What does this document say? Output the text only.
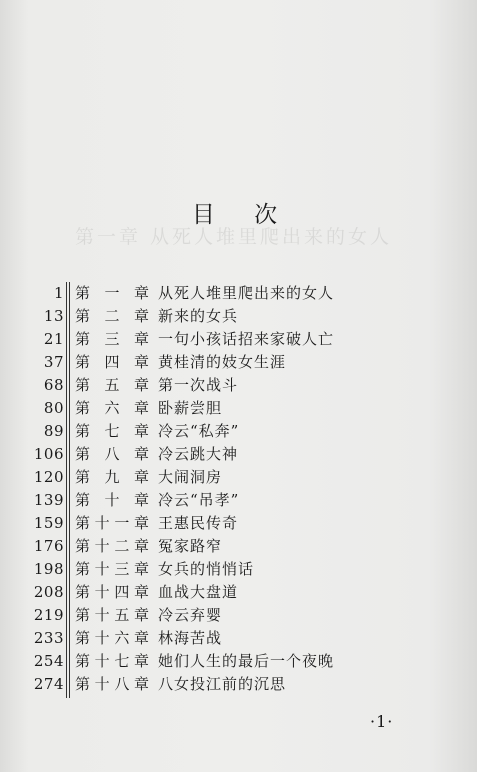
第一章 从死人堆里爬出来的女人
目 次
1 第一章 从死人堆里爬出来的女人
13 第二章 新来的女兵
21 第三章 一句小孩话招来家破人亡
37 第四章 黄桂清的妓女生涯
68 第五章 第一次战斗
80 第六章 卧薪尝胆
89 第七章 冷云“私奔”
106 第八章 冷云跳大神
120 第九章 大闹洞房
139 第十章 冷云“吊孝”
159 第十一章 王惠民传奇
176 第十二章 冤家路窄
198 第十三章 女兵的悄悄话
208 第十四章 血战大盘道
219 第十五章 冷云弃婴
233 第十六章 林海苦战
254 第十七章 她们人生的最后一个夜晚
274 第十八章 八女投江前的沉思
·1·
